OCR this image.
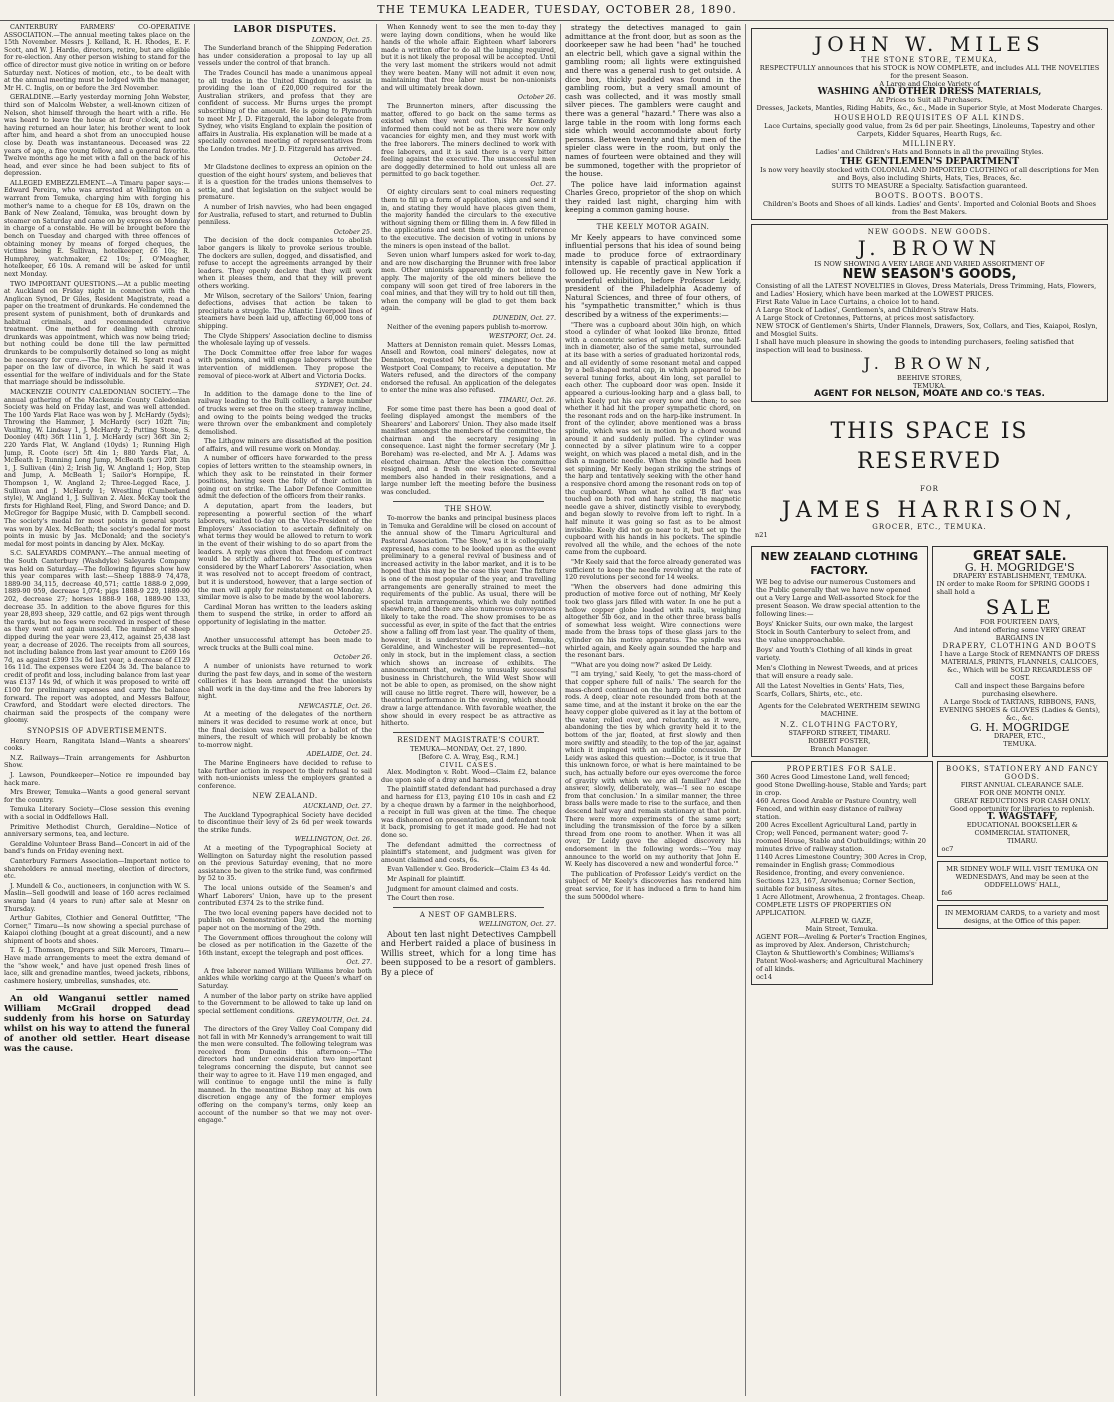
THE TEMUKA LEADER, TUESDAY, OCTOBER 28, 1890.

CANTERBURY FARMERS' CO-OPERATIVE ASSOCIATION.—The annual meeting takes place on the 15th November. Messrs J. Kelland, R. H. Rhodes, E. F. Scott, and W. J. Hardie, directors, retire, but are eligible for re-election. Any other person wishing to stand for the office of director must give notice in writing on or before Saturday next. Notices of motion, etc., to be dealt with at the annual meeting must be lodged with the manager, Mr H. C. Inglis, on or before the 3rd November.

GERALDINE.—Early yesterday morning John Webster, third son of Malcolm Webster, a well-known citizen of Nelson, shot himself through the heart with a rifle. He was heard to leave the house at four o'clock, and not having returned an hour later, his brother went to look after him, and heard a shot from an unoccupied house close by. Death was instantaneous. Deceased was 22 years of age, a fine young fellow, and a general favorite. Twelve months ago he met with a fall on the back of his head, and ever since he had been subject to fits of depression.

ALLEGED EMBEZZLEMENT.—A Timaru paper says:—Edward Pereira, who was arrested at Wellington on a warrant from Temuka, charging him with forging his mother's name to a cheque for £8 10s, drawn on the Bank of New Zealand, Temuka, was brought down by steamer on Saturday and came on by express on Monday in charge of a constable. He will be brought before the bench on Tuesday and charged with three offences of obtaining money by means of forged cheques, the victims being E. Sullivan, hotelkeeper, £6 10s; R. Humphrey, watchmaker, £2 10s; J. O'Meagher, hotelkeeper, £6 10s. A remand will be asked for until next Monday.

TWO IMPORTANT QUESTIONS.—At a public meeting at Auckland on Friday night in connection with the Anglican Synod, Dr Giles, Resident Magistrate, read a paper on the treatment of drunkards. He condemned the present system of punishment, both of drunkards and habitual criminals, and recommended curative treatment. One method for dealing with chronic drunkards was appointment, which was now being tried; but nothing could be done till the law permitted drunkards to be compulsorily detained so long as might be necessary for cure.—The Rev. W. H. Spratt read a paper on the law of divorce, in which he said it was essential for the welfare of individuals and for the State that marriage should be indissoluble.

MACKENZIE COUNTY CALEDONIAN SOCIETY.—The annual gathering of the Mackenzie County Caledonian Society was held on Friday last, and was well attended. The 100 Yards Flat Race was won by J. McHardy (5yds); Throwing the Hammer, J. McHardy (scr) 102ft 7in; Vaulting, W. Lindsay 1, J. McHardy 2; Putting Stone, S. Doonley (4ft) 36ft 11in 1, J. McHardy (scr) 36ft 3in 2; 220 Yards Flat, W. Angland (10yds) 1; Running High Jump, R. Coote (scr) 5ft 4in 1; 880 Yards Flat, A. McBeath 1; Running Long Jump, McBeath (scr) 20ft 3in 1, J. Sullivan (4in) 2; Irish Jig, W. Angland 1; Hop, Step and Jump, A. McBeath 1; Sailor's Hornpipe, R. Thompson 1, W. Angland 2; Three-Legged Race, J. Sullivan and J. McHardy 1; Wrestling (Cumberland style), W. Angland 1, J. Sullivan 2. Alex. McKay took the firsts for Highland Reel, Fling, and Sword Dance; and D. McGregor for Bagpipe Music, with D. Campbell second. The society's medal for most points in general sports was won by Alex. McBeath; the society's medal for most points in music by Jas. McDonald; and the society's medal for most points in dancing by Alex. McKay.

S.C. SALEYARDS COMPANY.—The annual meeting of the South Canterbury (Washdyke) Saleyards Company was held on Saturday.—The following figures show how this year compares with last:—Sheep 1888-9 74,478, 1889-90 34,115, decrease 40,571; cattle 1888-9 2,099, 1889-90 959, decrease 1,074; pigs 1888-9 229, 1889-90 202, decrease 27; horses 1888-9 168, 1889-90 133, decrease 35. In addition to the above figures for this year 28,893 sheep, 329 cattle, and 62 pigs went through the yards, but no fees were received in respect of these as they went out again unsold. The number of sheep dipped during the year were 23,412, against 25,438 last year, a decrease of 2026. The receipts from all sources, not including balance from last year amount to £269 16s 7d, as against £399 13s 6d last year, a decrease of £129 16s 11d. The expenses were £204 3s 3d. The balance to credit of profit and loss, including balance from last year was £137 14s 9d, of which it was proposed to write off £100 for preliminary expenses and carry the balance forward. The report was adopted, and Messrs Balfour, Crawford, and Stoddart were elected directors. The chairman said the prospects of the company were gloomy.

SYNOPSIS OF ADVERTISEMENTS.

Henry Hearn, Rangitata Island—Wants a shearers' cooks.

N.Z. Railways—Train arrangements for Ashburton Show.

J. Lawson, Poundkeeper—Notice re impounded bay hack mare.

Mrs Brewer, Temuka—Wants a good general servant for the country.

Temuka Literary Society—Close session this evening with a social in Oddfellows Hall.

Primitive Methodist Church, Geraldine—Notice of anniversary sermons, tea, and lecture.

Geraldine Volunteer Brass Band—Concert in aid of the band's funds on Friday evening next.

Canterbury Farmers Association—Important notice to shareholders re annual meeting, election of directors, etc.

J. Mundell & Co., auctioneers, in conjunction with W. S. Maslin—Sell goodwill and lease of 160 acres reclaimed swamp land (4 years to run) after sale at Mesnr on Thursday.

Arthur Gabites, Clothier and General Outfitter, "The Corner," Timaru—Is now showing a special purchase of Kaiapoi clothing (bought at a great discount), and a new shipment of boots and shoes.

T. & J. Thomson, Drapers and Silk Mercers, Timaru—Have made arrangements to meet the extra demand of the "show week," and have just opened fresh lines of lace, silk and grenadine mantles, tweed jackets, ribbons, cashmere hosiery, umbrellas, sunshades, etc.

An old Wanganui settler named William McGrail dropped dead suddenly from his horse on Saturday whilst on his way to attend the funeral of another old settler. Heart disease was the cause.

LABOR DISPUTES.
LONDON, Oct. 25.

The Sunderland branch of the Shipping Federation has under consideration a proposal to lay up all vessels under the control of that branch.

The Trades Council has made a unanimous appeal to all trades in the United Kingdom to assist in providing the loan of £20,000 required for the Australian strikers, and profess that they are confident of success. Mr Burns urges the prompt subscribing of the amount. He is going to Plymouth to meet Mr J. D. Fitzgerald, the labor delegate from Sydney, who visits England to explain the position of affairs in Australia. His explanation will be made at a specially convened meeting of representatives from the London trades. Mr J. D. Fitzgerald has arrived.

October 24.

Mr Gladstone declines to express an opinion on the question of the eight hours' system, and believes that it is a question for the trades unions themselves to settle, and that legislation on the subject would be premature.

A number of Irish navvies, who had been engaged for Australia, refused to start, and returned to Dublin penniless.

October 25.

The decision of the dock companies to abolish labor gangers is likely to provoke serious trouble. The dockers are sullen, dogged, and dissatisfied, and refuse to accept the agreements arranged by their leaders. They openly declare that they will work when it pleases them, and that they will prevent others working.

Mr Wilson, secretary of the Sailors' Union, fearing defections, advises that action be taken to precipitate a struggle. The Atlantic Liverpool lines of steamers have been laid up, affecting 60,000 tons of shipping.

The Clyde Shippers' Association decline to dismiss the wholesale laying up of vessels.

The Dock Committee offer free labor for wages with pensions, and will engage laborers without the intervention of middlemen. They propose the removal of piece-work at Albert and Victoria Docks.

SYDNEY, Oct. 24.

In addition to the damage done to the line of railway leading to the Bulli colliery, a large number of trucks were set free on the steep tramway incline, and owing to the points being wedged the trucks were thrown over the embankment and completely demolished.

The Lithgow miners are dissatisfied at the position of affairs, and will resume work on Monday.

A number of officers have forwarded to the press copies of letters written to the steamship owners, in which they ask to be reinstated in their former positions, having seen the folly of their action in going out on strike. The Labor Defence Committee admit the defection of the officers from their ranks.

A deputation, apart from the leaders, but representing a powerful section of the wharf laborers, waited to-day on the Vice-President of the Employers' Association to ascertain definitely on what terms they would be allowed to return to work in the event of their wishing to do so apart from the leaders. A reply was given that freedom of contract would be strictly adhered to. The question was considered by the Wharf Laborers' Association, when it was resolved not to accept freedom of contract, but it is understood, however, that a large section of the men will apply for reinstatement on Monday. A similar move is also to be made by the wool laborers.

Cardinal Moran has written to the leaders asking them to suspend the strike, in order to afford an opportunity of legislating in the matter.

October 25.

Another unsuccessful attempt has been made to wreck trucks at the Bulli coal mine.

October 26.

A number of unionists have returned to work during the past few days, and in some of the western collieries it has been arranged that the unionists shall work in the day-time and the free laborers by night.

NEWCASTLE, Oct. 26.

At a meeting of the delegates of the northern miners it was decided to resume work at once, but the final decision was reserved for a ballot of the miners, the result of which will probably be known to-morrow night.

ADELAIDE, Oct. 24.

The Marine Engineers have decided to refuse to take further action in respect to their refusal to sail with non-unionists unless the employers granted a conference.

NEW ZEALAND.
AUCKLAND, Oct. 27.

The Auckland Typographical Society have decided to discontinue their levy of 2s 6d per week towards the strike funds.

WELLINGTON, Oct. 26.

At a meeting of the Typographical Society at Wellington on Saturday night the resolution passed on the previous Saturday evening, that no more assistance be given to the strike fund, was confirmed by 52 to 35.

The local unions outside of the Seamen's and Wharf Laborers' Union, have up to the present contributed £374 2s to the strike fund.

The two local evening papers have decided not to publish on Demonstration Day, and the morning paper not on the morning of the 29th.

The Government offices throughout the colony will be closed as per notification in the Gazette of the 16th instant, except the telegraph and post offices.

Oct. 27.

A free laborer named William Williams broke both ankles while working cargo at the Queen's wharf on Saturday.

A number of the labor party on strike have applied to the Government to be allowed to take up land on special settlement conditions.

GREYMOUTH, Oct. 24.

The directors of the Grey Valley Coal Company did not fall in with Mr Kennedy's arrangement to wait till the men were consulted. The following telegram was received from Dunedin this afternoon:—"The directors had under consideration two important telegrams concerning the dispute, but cannot see their way to agree to it. Have 119 men engaged, and will continue to engage until the mine is fully manned. In the meantime Bishop may at his own discretion engage any of the former employes offering on the company's terms, only keep an account of the number so that we may not over-engage."

When Kennedy went to see the men to-day they were laying down conditions, when he would like hands of the whole affair. Eighteen wharf laborers made a written offer to do all the lumping required, but it is not likely the proposal will be accepted. Until the very last moment the strikers would not admit they were beaten. Many will not admit it even now, maintaining that free labor must be non-unionists and will ultimately break down.

October 26.

The Brunnerton miners, after discussing the matter, offered to go back on the same terms as existed when they went out. This Mr Kennedy informed them could not be as there were now only vacancies for eighty men, and they must work with the free laborers. The miners declined to work with free laborers, and it is said there is a very bitter feeling against the executive. The unsuccessful men are doggedly determined to hold out unless all are permitted to go back together.

Oct. 27.

Of eighty circulars sent to coal miners requesting them to fill up a form of application, sign and send it in, and stating they would have places given them, the majority handed the circulars to the executive without signing them or filling them in. A few filled in the applications and sent them in without reference to the executive. The decision of voting in unions by the miners is open instead of the ballot.

Seven union wharf lumpers asked for work to-day, and are now discharging the Brunner with free labor men. Other unionists apparently do not intend to apply. The majority of the old miners believe the company will soon get tired of free laborers in the coal mines, and that they will try to hold out till then, when the company will be glad to get them back again.

DUNEDIN, Oct. 27.

Neither of the evening papers publish to-morrow.

WESTPORT, Oct. 24.

Matters at Denniston remain quiet. Messrs Lomas, Ansell and Rowton, coal miners' delegates, now at Denniston, requested Mr Waters, engineer to the Westport Coal Company, to receive a deputation. Mr Waters refused, and the directors of the company endorsed the refusal. An application of the delegates to enter the mine was also refused.

TIMARU, Oct. 26.

For some time past there has been a good deal of feeling displayed amongst the members of the Shearers' and Laborers' Union. They also made itself manifest amongst the members of the committee, the chairman and the secretary resigning in consequence. Last night the former secretary (Mr J. Boreham) was re-elected, and Mr A. J. Adams was elected chairman. After the election the committee resigned, and a fresh one was elected. Several members also handed in their resignations, and a large number left the meeting before the business was concluded.

THE SHOW.

To-morrow the banks and principal business places in Temuka and Geraldine will be closed on account of the annual show of the Timaru Agricultural and Pastoral Association. "The Show," as it is colloquially expressed, has come to be looked upon as the event preliminary to a general revival of business and of increased activity in the labor market, and it is to be hoped that this may be the case this year. The fixture is one of the most popular of the year, and travelling arrangements are generally strained to meet the requirements of the public. As usual, there will be special train arrangements, which we duly notified elsewhere, and there are also numerous conveyances likely to take the road. The show promises to be as successful as ever, in spite of the fact that the entries show a falling off from last year. The quality of them, however, it is understood is improved. Temuka, Geraldine, and Winchester will be represented—not only in stock, but in the implement class, a section which shows an increase of exhibits. The announcement that, owing to unusually successful business in Christchurch, the Wild West Show will not be able to open, as promised, on the show night will cause no little regret. There will, however, be a theatrical performance in the evening, which should draw a large attendance. With favorable weather, the show should in every respect be as attractive as hitherto.

RESIDENT MAGISTRATE'S COURT.
TEMUKA—MONDAY, Oct. 27, 1890.
[Before C. A. Wray, Esq., R.M.]
CIVIL CASES.

Alex. Modington v. Robt. Wood—Claim £2, balance due upon sale of a dray and harness.

The plaintiff stated defendant had purchased a dray and harness for £13, paying £10 10s in cash and £2 by a cheque drawn by a farmer in the neighborhood, a receipt in full was given at the time. The cheque was dishonored on presentation, and defendant took it back, promising to get it made good. He had not done so.

The defendant admitted the correctness of plaintiff's statement, and judgment was given for amount claimed and costs, 6s.

Evan Vallender v. Geo. Broderick—Claim £3 4s 4d.

Mr Aspinall for plaintiff.

Judgment for amount claimed and costs.

The Court then rose.

A NEST OF GAMBLERS.
WELLINGTON, Oct. 27.

About ten last night Detectives Campbell and Herbert raided a place of business in Willis street, which for a long time has been supposed to be a resort of gamblers. By a piece of

strategy the detectives managed to gain admittance at the front door, but as soon as the doorkeeper saw he had been "had" he touched an electric bell, which gave a signal within the gambling room; all lights were extinguished and there was a general rush to get outside. A dice box, thickly padded was found in the gambling room, but a very small amount of cash was collected, and it was mostly small silver pieces. The gamblers were caught and there was a general "hazard." There was also a large table in the room with long forms each side which would accommodate about forty persons. Between twenty and thirty men of the spieler class were in the room, but only the names of fourteen were obtained and they will be summoned, together with the proprietor of the house.

The police have laid information against Charles Greco, proprietor of the shop on which they raided last night, charging him with keeping a common gaming house.

THE KEELY MOTOR AGAIN.

Mr Keely appears to have convinced some influential persons that his idea of sound being made to produce force of extraordinary intensity is capable of practical application if followed up. He recently gave in New York a wonderful exhibition, before Professor Leidy, president of the Philadelphia Academy of Natural Sciences, and three of four others, of his "sympathetic transmitter," which is thus described by a witness of the experiments:—

"There was a cupboard about 30in high, on which stood a cylinder of what looked like bronze, fitted with a concentric series of upright tubes, one half-inch in diameter, also of the same metal, surrounded at its base with a series of graduated horizontal rods, and all evidently of some resonant metal and capped by a bell-shaped metal cap, in which appeared to be several tuning forks, about 4in long, set parallel to each other. The cupboard door was open. Inside it appeared a curious-looking harp and a glass ball, to which Keely put his ear every now and then; to see whether it had hit the proper sympathetic chord, on the resonant rods and on the harp-like instrument. In front of the cylinder, above mentioned was a brass spindle, which was set in motion by a chord wound around it and suddenly pulled. The cylinder was connected by a silver platinum wire to a copper weight, on which was placed a metal dish, and in the dish a magnetic needle. When the spindle had been set spinning, Mr Keely began striking the strings of the harp and tentatively seeking with the other hand a responsive chord among the resonant rods on top of the cupboard. When what he called 'B flat' was touched on both rod and harp string, the magnetic needle gave a shiver, distinctly visible to everybody, and began slowly to revolve from left to right. In a half minute it was going so fast as to be almost invisible. Keely did not go near to it, but set up the cupboard with his hands in his pockets. The spindle revolved all the while, and the echoes of the note came from the cupboard.

"Mr Keely said that the force already generated was sufficient to keep the needle revolving at the rate of 120 revolutions per second for 14 weeks.

"When the observers had done admiring this production of motive force out of nothing, Mr Keely took two glass jars filled with water. In one he put a hollow copper globe loaded with nails, weighing altogether 5lb 6oz, and in the other three brass balls of somewhat less weight. Wire connections were made from the brass tops of these glass jars to the cylinder on his motive apparatus. The spindle was whirled again, and Keely again sounded the harp and the resonant bars.

"'What are you doing now?' asked Dr Leidy.

"'I am trying,' said Keely, 'to get the mass-chord of that copper sphere full of nails.' The search for the mass-chord continued on the harp and the resonant rods. A deep, clear note resounded from both at the same time, and at the instant it broke on the ear the heavy copper globe quivered as it lay at the bottom of the water, rolled over, and reluctantly, as it were, abandoning the ties by which gravity held it to the bottom of the jar, floated, at first slowly and then more swiftly and steadily, to the top of the jar, against which it impinged with an audible concussion. Dr Leidy was asked this question:—Doctor, is it true that this unknown force, or what is here maintained to be such, has actually before our eyes overcome the force of gravity with which we are all familiar? And the answer, slowly, deliberately, was—'I see no escape from that conclusion.' In a similar manner, the three brass balls were made to rise to the surface, and then descend half way and remain stationary at that point. There were more experiments of the same sort; including the transmission of the force by a silken thread from one room to another. When it was all over, Dr Leidy gave the alleged discovery his endorsement in the following words:—'You may announce to the world on my authority that John E. W. Keely has discovered a new and wonderful force.'"

The publication of Professor Leidy's verdict on the subject of Mr Keely's discoveries has rendered him great service, for it has induced a firm to hand him the sum 5000dol where-

JOHN W. MILES
THE STONE STORE, TEMUKA,
RESPECTFULLY announces that his STOCK is NOW COMPLETE, and includes ALL THE NOVELTIES for the present Season.
A Large and Choice Variety of
WASHING AND OTHER DRESS MATERIALS,
At Prices to Suit all Purchasers.
Dresses, Jackets, Mantles, Riding Habits, &c., &c., Made in Superior Style, at Most Moderate Charges.
HOUSEHOLD REQUISITES OF ALL KINDS.
Lace Curtains, specially good value, from 2s 6d per pair. Sheetings, Linoleums, Tapestry and other Carpets, Kidder Squares, Hearth Rugs, &c.
MILLINERY.
Ladies' and Children's Hats and Bonnets in all the prevailing Styles.
THE GENTLEMEN'S DEPARTMENT
Is now very heavily stocked with COLONIAL AND IMPORTED CLOTHING of all descriptions for Men and Boys, also including Shirts, Hats, Ties, Braces, &c.
SUITS TO MEASURE a Specialty. Satisfaction guaranteed.
BOOTS. BOOTS. BOOTS.
Children's Boots and Shoes of all kinds. Ladies' and Gents'. Imported and Colonial Boots and Shoes from the Best Makers.
NEW GOODS. NEW GOODS.
J. BROWN
IS NOW SHOWING A VERY LARGE AND VARIED ASSORTMENT OF
NEW SEASON'S GOODS,
Consisting of all the LATEST NOVELTIES in Gloves, Dress Materials, Dress Trimming, Hats, Flowers, and Ladies' Hosiery, which have been marked at the LOWEST PRICES.
First Rate Value in Lace Curtains, a choice lot to hand.
A Large Stock of Ladies', Gentlemen's, and Children's Straw Hats.
A Large Stock of Cretonnes, Patterns, at prices most satisfactory.
NEW STOCK of Gentlemen's Shirts, Under Flannels, Drawers, Sox, Collars, and Ties, Kaiapoi, Roslyn, and Mosgiel Suits.
I shall have much pleasure in showing the goods to intending purchasers, feeling satisfied that inspection will lead to business.
J. BROWN,
BEEHIVE STORES,
TEMUKA.
AGENT FOR NELSON, MOATE AND CO.'S TEAS.
THIS SPACE IS RESERVED
FOR
JAMES HARRISON,
GROCER, ETC., TEMUKA.
n21
NEW ZEALAND CLOTHING FACTORY.
WE beg to advise our numerous Customers and the Public generally that we have now opened out a Very Large and Well-assorted Stock for the present Season. We draw special attention to the following lines:—
Boys' Knicker Suits, our own make, the largest Stock in South Canterbury to select from, and the value unapproachable.
Boys' and Youth's Clothing of all kinds in great variety.
Men's Clothing in Newest Tweeds, and at prices that will ensure a ready sale.
All the Latest Novelties in Gents' Hats, Ties, Scarfs, Collars, Shirts, etc., etc.
Agents for the Celebrated WERTHEIM SEWING MACHINE.
N.Z. CLOTHING FACTORY,
STAFFORD STREET, TIMARU.
ROBERT FOSTER,
Branch Manager.
GREAT SALE.
G. H. MOGRIDGE'S
DRAPERY ESTABLISHMENT, TEMUKA.
IN order to make Room for SPRING GOODS I shall hold a
SALE
FOR FOURTEEN DAYS,
And intend offering some VERY GREAT BARGAINS IN
DRAPERY, CLOTHING AND BOOTS
I have a Large Stock of REMNANTS OF DRESS MATERIALS, PRINTS, FLANNELS, CALICOES, &c., Which will be SOLD REGARDLESS OF COST.
Call and inspect these Bargains before purchasing elsewhere.
A Large Stock of TARTANS, RIBBONS, FANS, EVENING SHOES & GLOVES (Ladies & Gents), &c., &c.
G. H. MOGRIDGE
DRAPER, ETC.,
TEMUKA.
PROPERTIES FOR SALE.
360 Acres Good Limestone Land, well fenced; good Stone Dwelling-house, Stable and Yards; part in crop.
460 Acres Good Arable or Pasture Country, well Fenced, and within easy distance of railway station.
200 Acres Excellent Agricultural Land, partly in Crop; well Fenced, permanent water; good 7-roomed House, Stable and Outbuildings; within 20 minutes drive of railway station.
1140 Acres Limestone Country; 300 Acres in Crop, remainder in English grass; Commodious Residence, fronting, and every convenience.
Sections 123, 167, Arowhenua; Corner Section, suitable for business sites.
1 Acre Allotment, Arowhenua, 2 frontages. Cheap.
COMPLETE LISTS OF PROPERTIES ON APPLICATION.
ALFRED W. GAZE,
Main Street, Temuka.
AGENT FOR—Aveling & Porter's Traction Engines, as improved by Alex. Anderson, Christchurch; Clayton & Shuttleworth's Combines; Williams's Patent Wool-washers; and Agricultural Machinery of all kinds.
oc14
BOOKS, STATIONERY AND FANCY GOODS.
FIRST ANNUAL CLEARANCE SALE.
FOR ONE MONTH ONLY.
GREAT REDUCTIONS FOR CASH ONLY.
Good opportunity for libraries to replenish.
T. WAGSTAFF,
EDUCATIONAL BOOKSELLER & COMMERCIAL STATIONER,
TIMARU.
oc7
MR SIDNEY WOLF WILL VISIT TEMUKA ON WEDNESDAYS, And may be seen at the ODDFELLOWS' HALL,
fe6
IN MEMORIAM CARDS, to a variety and most designs, at the Office of this paper.
